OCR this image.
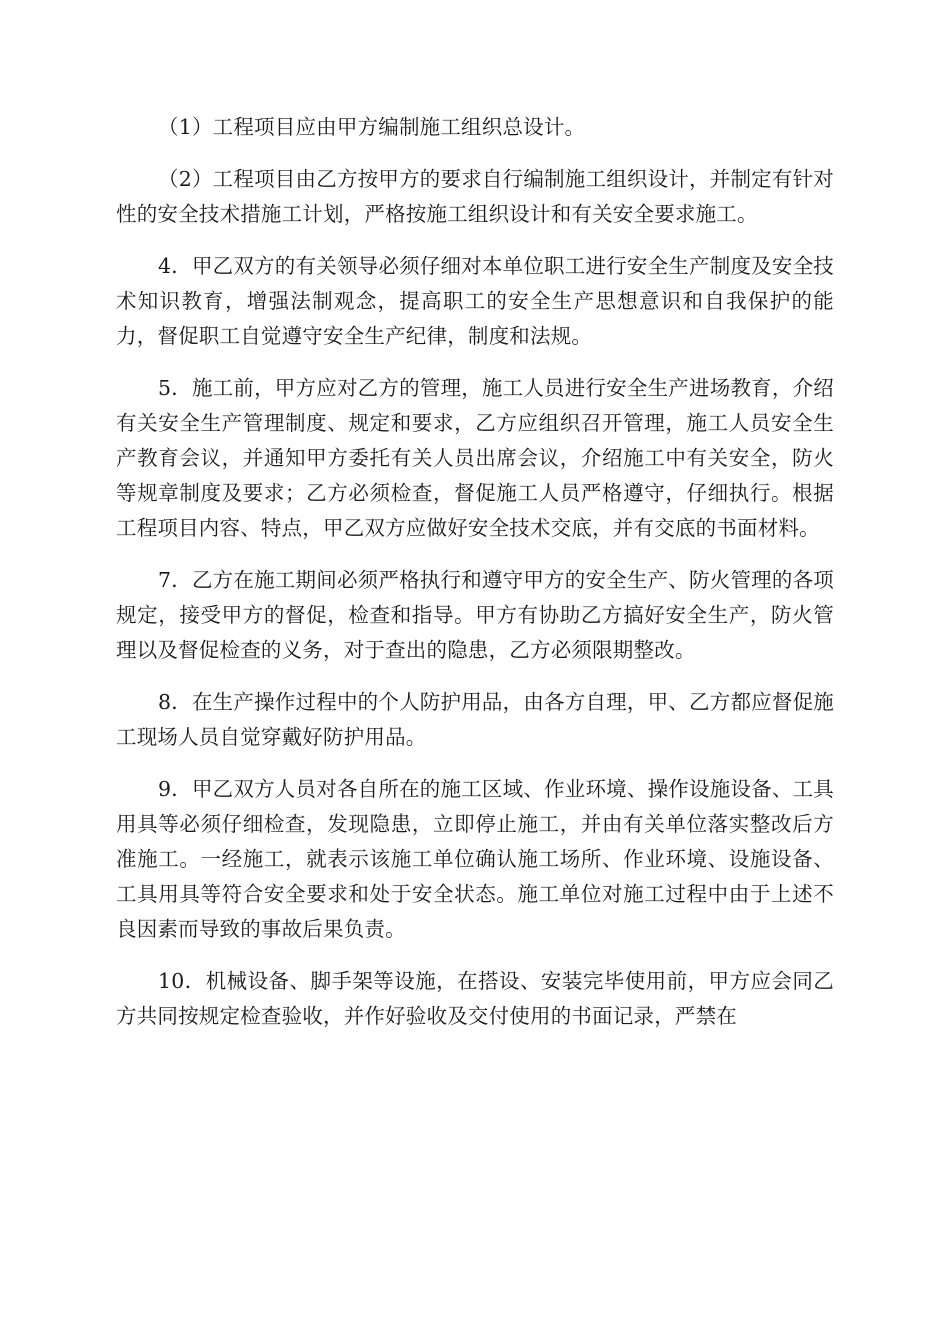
（1）工程项目应由甲方编制施工组织总设计。

（2）工程项目由乙方按甲方的要求自行编制施工组织设计，并制定有针对性的安全技术措施工计划，严格按施工组织设计和有关安全要求施工。

4．甲乙双方的有关领导必须仔细对本单位职工进行安全生产制度及安全技术知识教育，增强法制观念，提高职工的安全生产思想意识和自我保护的能力，督促职工自觉遵守安全生产纪律，制度和法规。

5．施工前，甲方应对乙方的管理，施工人员进行安全生产进场教育，介绍有关安全生产管理制度、规定和要求，乙方应组织召开管理，施工人员安全生产教育会议，并通知甲方委托有关人员出席会议，介绍施工中有关安全，防火等规章制度及要求；乙方必须检查，督促施工人员严格遵守，仔细执行。根据工程项目内容、特点，甲乙双方应做好安全技术交底，并有交底的书面材料。

7．乙方在施工期间必须严格执行和遵守甲方的安全生产、防火管理的各项规定，接受甲方的督促，检查和指导。甲方有协助乙方搞好安全生产，防火管理以及督促检查的义务，对于查出的隐患，乙方必须限期整改。

8．在生产操作过程中的个人防护用品，由各方自理，甲、乙方都应督促施工现场人员自觉穿戴好防护用品。

9．甲乙双方人员对各自所在的施工区域、作业环境、操作设施设备、工具用具等必须仔细检查，发现隐患，立即停止施工，并由有关单位落实整改后方准施工。一经施工，就表示该施工单位确认施工场所、作业环境、设施设备、工具用具等符合安全要求和处于安全状态。施工单位对施工过程中由于上述不良因素而导致的事故后果负责。

10．机械设备、脚手架等设施，在搭设、安装完毕使用前，甲方应会同乙方共同按规定检查验收，并作好验收及交付使用的书面记录，严禁在
